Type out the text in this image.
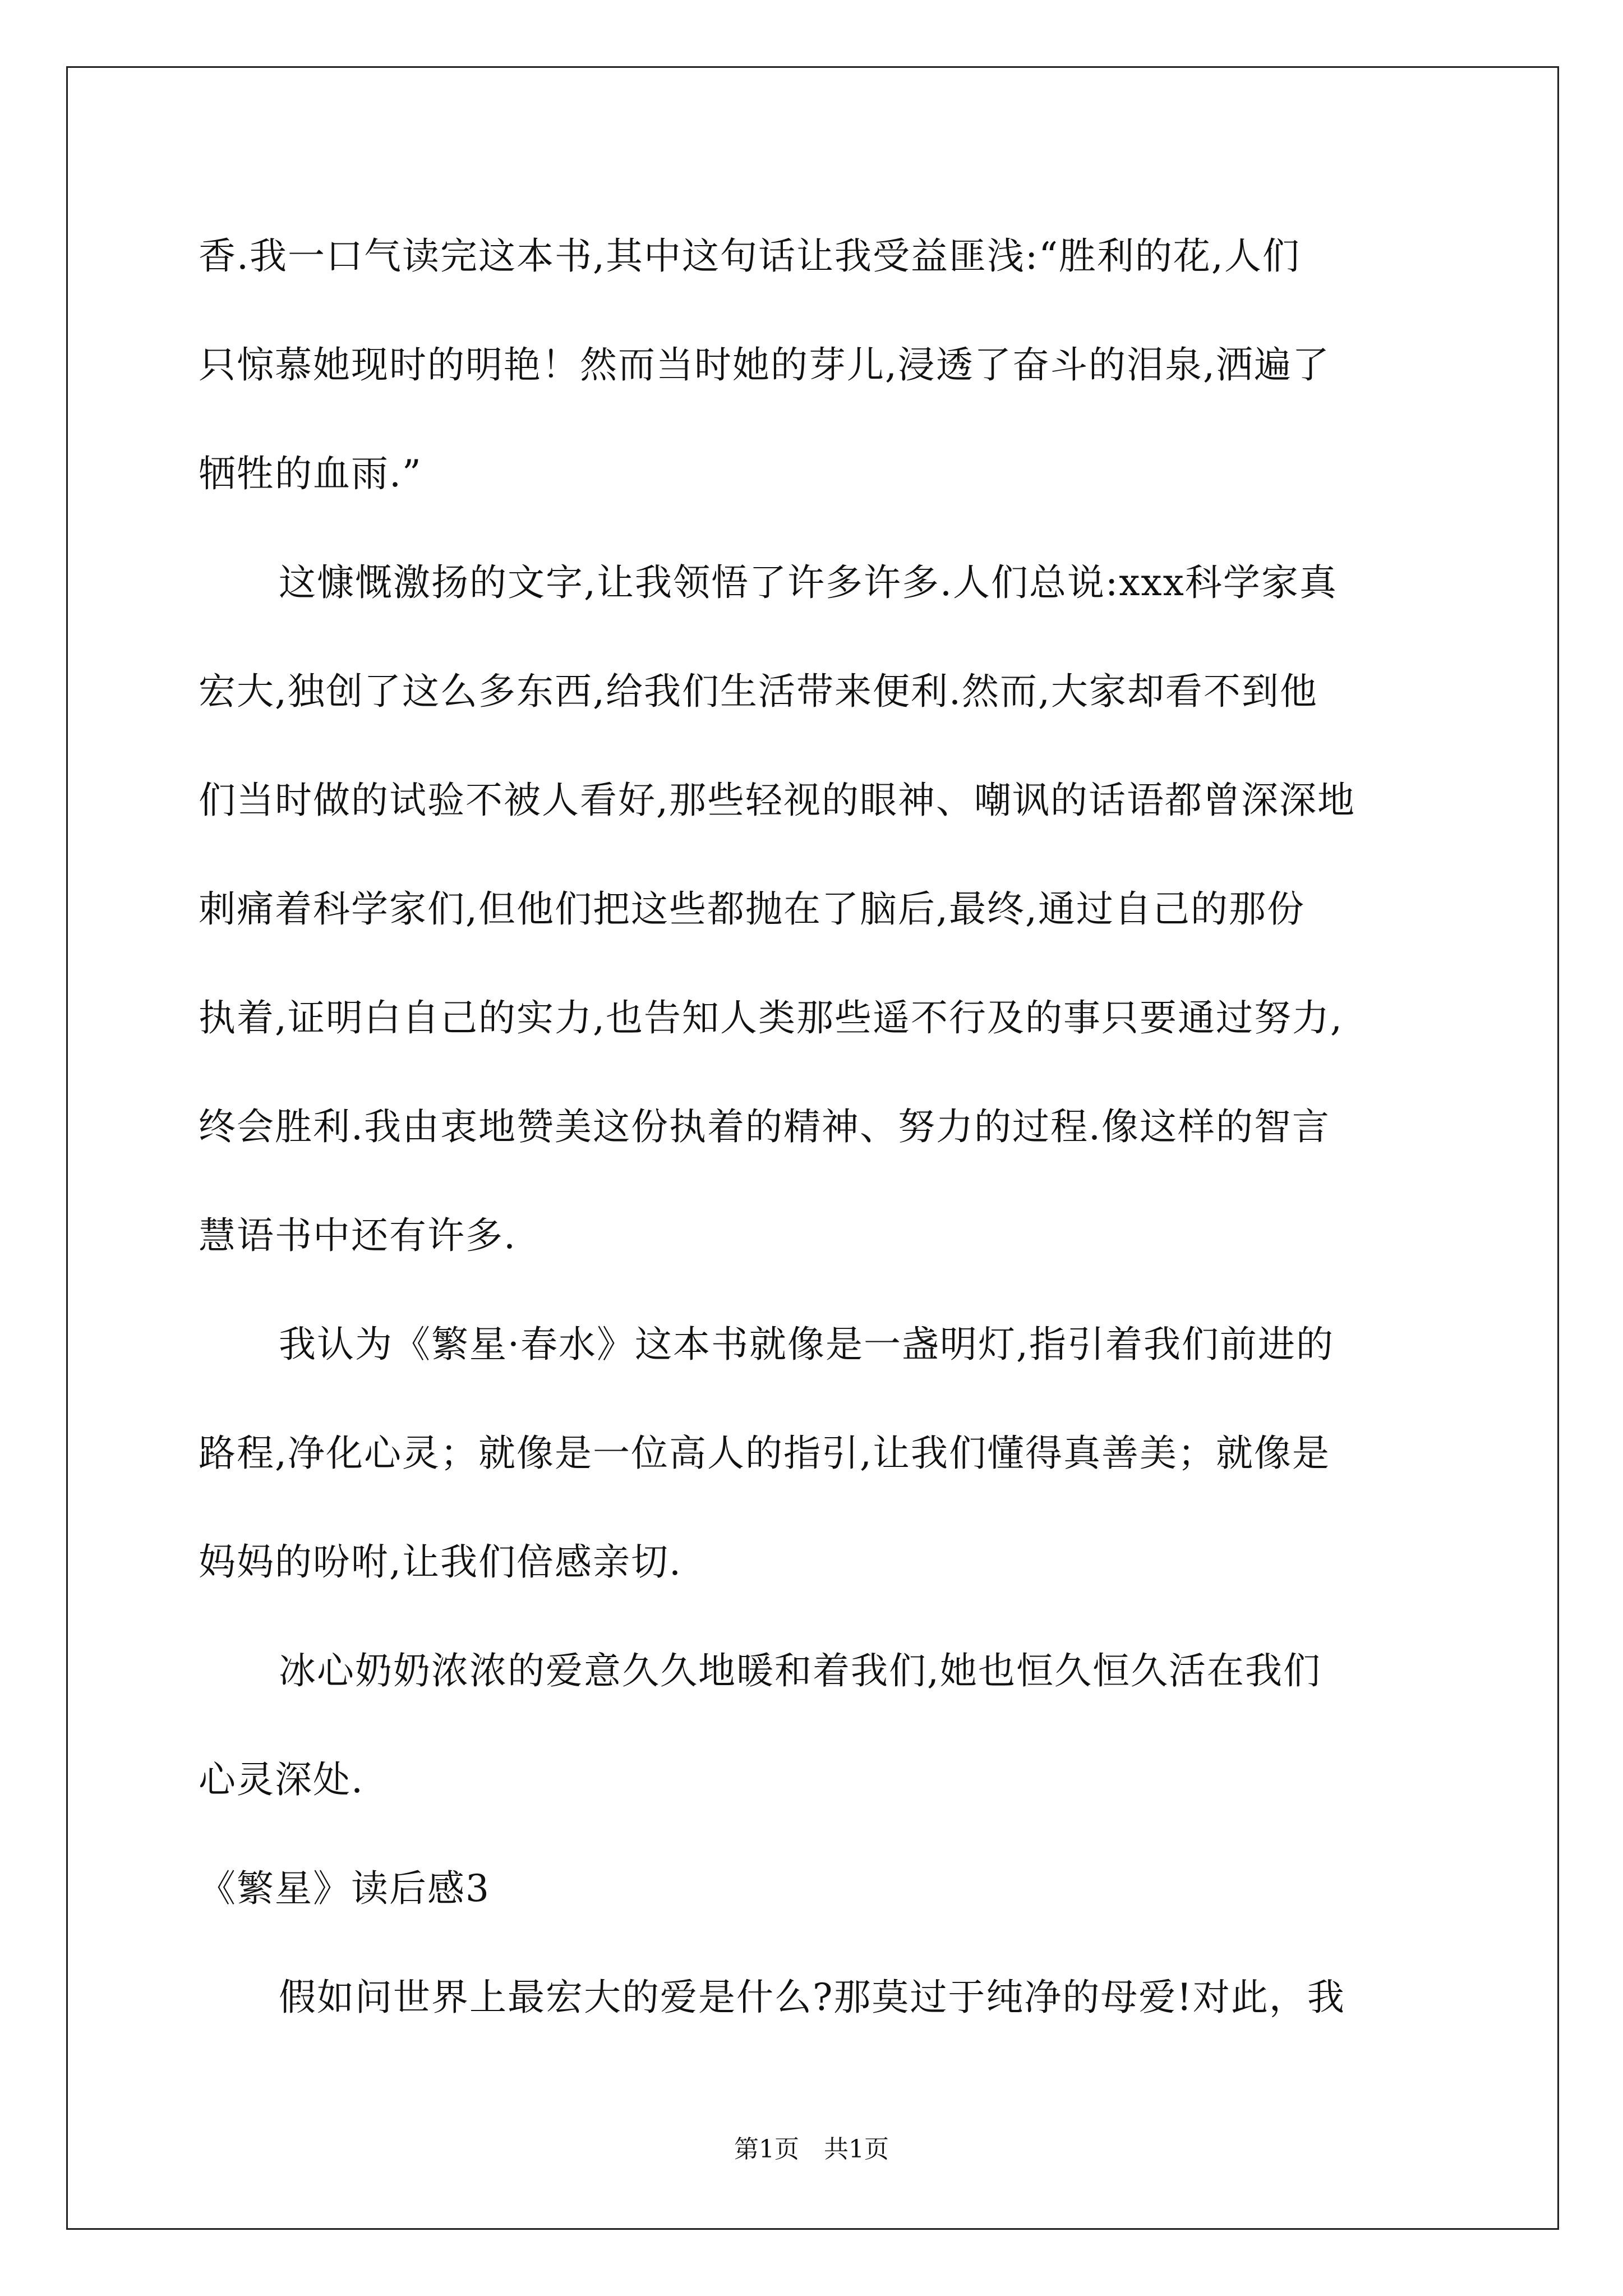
香.我一口气读完这本书,其中这句话让我受益匪浅:“胜利的花,人们
只惊慕她现时的明艳！然而当时她的芽儿,浸透了奋斗的泪泉,洒遍了
牺牲的血雨.”
这慷慨激扬的文字,让我领悟了许多许多.人们总说:xxx科学家真
宏大,独创了这么多东西,给我们生活带来便利.然而,大家却看不到他
们当时做的试验不被人看好,那些轻视的眼神、嘲讽的话语都曾深深地
刺痛着科学家们,但他们把这些都抛在了脑后,最终,通过自己的那份
执着,证明白自己的实力,也告知人类那些遥不行及的事只要通过努力,
终会胜利.我由衷地赞美这份执着的精神、努力的过程.像这样的智言
慧语书中还有许多.
我认为《繁星·春水》这本书就像是一盏明灯,指引着我们前进的
路程,净化心灵；就像是一位高人的指引,让我们懂得真善美；就像是
妈妈的吩咐,让我们倍感亲切.
冰心奶奶浓浓的爱意久久地暖和着我们,她也恒久恒久活在我们
心灵深处.
《繁星》读后感3
假如问世界上最宏大的爱是什么?那莫过于纯净的母爱!对此，我
第1页　共1页
